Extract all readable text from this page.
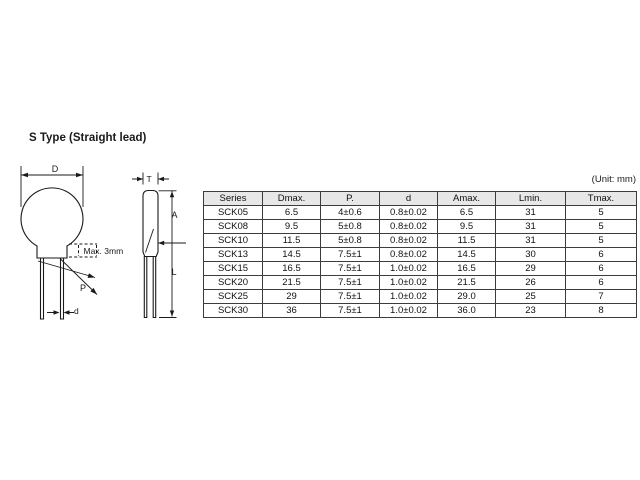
S Type (Straight lead)
(Unit: mm)
D
Max. 3mm
P
d
T
A
L
Series	Dmax.	P.	d	Amax.	Lmin.	Tmax.
SCK05	6.5	4±0.6	0.8±0.02	6.5	31	5
SCK08	9.5	5±0.8	0.8±0.02	9.5	31	5
SCK10	11.5	5±0.8	0.8±0.02	11.5	31	5
SCK13	14.5	7.5±1	0.8±0.02	14.5	30	6
SCK15	16.5	7.5±1	1.0±0.02	16.5	29	6
SCK20	21.5	7.5±1	1.0±0.02	21.5	26	6
SCK25	29	7.5±1	1.0±0.02	29.0	25	7
SCK30	36	7.5±1	1.0±0.02	36.0	23	8
